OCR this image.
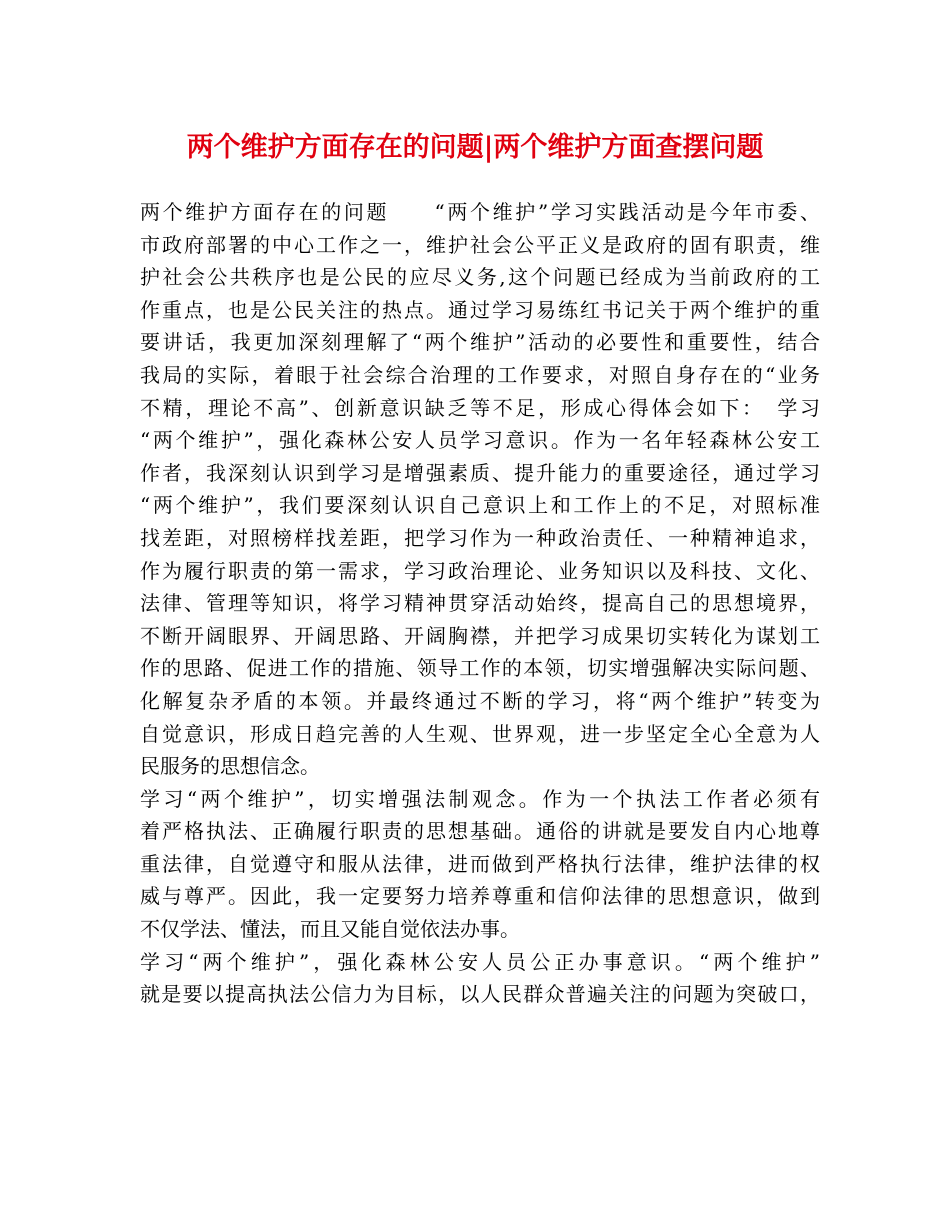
两个维护方面存在的问题|两个维护方面查摆问题
两个维护方面存在的问题　　“两个维护”学习实践活动是今年市委、
市政府部署的中心工作之一，维护社会公平正义是政府的固有职责，维
护社会公共秩序也是公民的应尽义务,这个问题已经成为当前政府的工
作重点，也是公民关注的热点。通过学习易练红书记关于两个维护的重
要讲话，我更加深刻理解了“两个维护”活动的必要性和重要性，结合
我局的实际，着眼于社会综合治理的工作要求，对照自身存在的“业务
不精，理论不高”、创新意识缺乏等不足，形成心得体会如下：　学习
“两个维护”，强化森林公安人员学习意识。作为一名年轻森林公安工
作者，我深刻认识到学习是增强素质、提升能力的重要途径，通过学习
“两个维护”，我们要深刻认识自己意识上和工作上的不足，对照标准
找差距，对照榜样找差距，把学习作为一种政治责任、一种精神追求，
作为履行职责的第一需求，学习政治理论、业务知识以及科技、文化、
法律、管理等知识，将学习精神贯穿活动始终，提高自己的思想境界，
不断开阔眼界、开阔思路、开阔胸襟，并把学习成果切实转化为谋划工
作的思路、促进工作的措施、领导工作的本领，切实增强解决实际问题、
化解复杂矛盾的本领。并最终通过不断的学习，将“两个维护”转变为
自觉意识，形成日趋完善的人生观、世界观，进一步坚定全心全意为人
民服务的思想信念。
学习“两个维护”，切实增强法制观念。作为一个执法工作者必须有
着严格执法、正确履行职责的思想基础。通俗的讲就是要发自内心地尊
重法律，自觉遵守和服从法律，进而做到严格执行法律，维护法律的权
威与尊严。因此，我一定要努力培养尊重和信仰法律的思想意识，做到
不仅学法、懂法，而且又能自觉依法办事。
学习“两个维护”，强化森林公安人员公正办事意识。“两个维护”
就是要以提高执法公信力为目标，以人民群众普遍关注的问题为突破口，
